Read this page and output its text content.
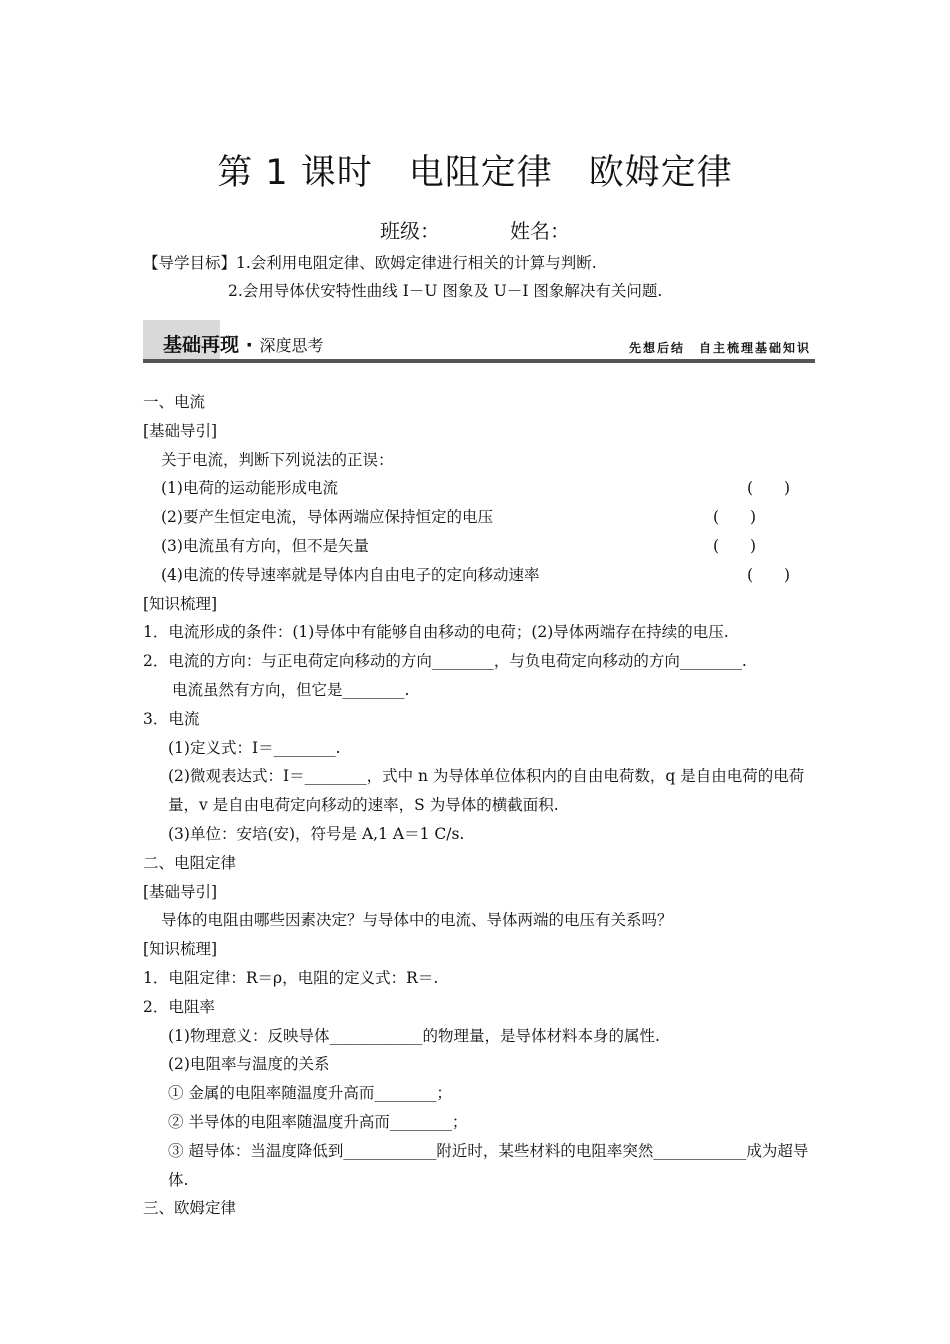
第 1 课时　电阻定律　欧姆定律
班级：	姓名：
【导学目标】1.会利用电阻定律、欧姆定律进行相关的计算与判断.
2.会用导体伏安特性曲线 I－U 图象及 U－I 图象解决有关问题.
基础再现 · 深度思考	先想后结　自主梳理基础知识
一、电流
[基础导引]
关于电流，判断下列说法的正误：
(1)电荷的运动能形成电流	(　　)
(2)要产生恒定电流，导体两端应保持恒定的电压	(　　)
(3)电流虽有方向，但不是矢量	(　　)
(4)电流的传导速率就是导体内自由电子的定向移动速率	(　　)
[知识梳理]
1．电流形成的条件：(1)导体中有能够自由移动的电荷；(2)导体两端存在持续的电压.
2．电流的方向：与正电荷定向移动的方向________，与负电荷定向移动的方向________.
电流虽然有方向，但它是________.
3．电流
(1)定义式：I＝________.
(2)微观表达式：I＝________，式中 n 为导体单位体积内的自由电荷数，q 是自由电荷的电荷量，v 是自由电荷定向移动的速率，S 为导体的横截面积.
(3)单位：安培(安)，符号是 A,1 A＝1 C/s.
二、电阻定律
[基础导引]
导体的电阻由哪些因素决定？与导体中的电流、导体两端的电压有关系吗？
[知识梳理]
1．电阻定律：R＝ρ，电阻的定义式：R＝.
2．电阻率
(1)物理意义：反映导体____________的物理量，是导体材料本身的属性.
(2)电阻率与温度的关系
① 金属的电阻率随温度升高而________；
② 半导体的电阻率随温度升高而________；
③ 超导体：当温度降低到____________附近时，某些材料的电阻率突然____________成为超导体.
三、欧姆定律
